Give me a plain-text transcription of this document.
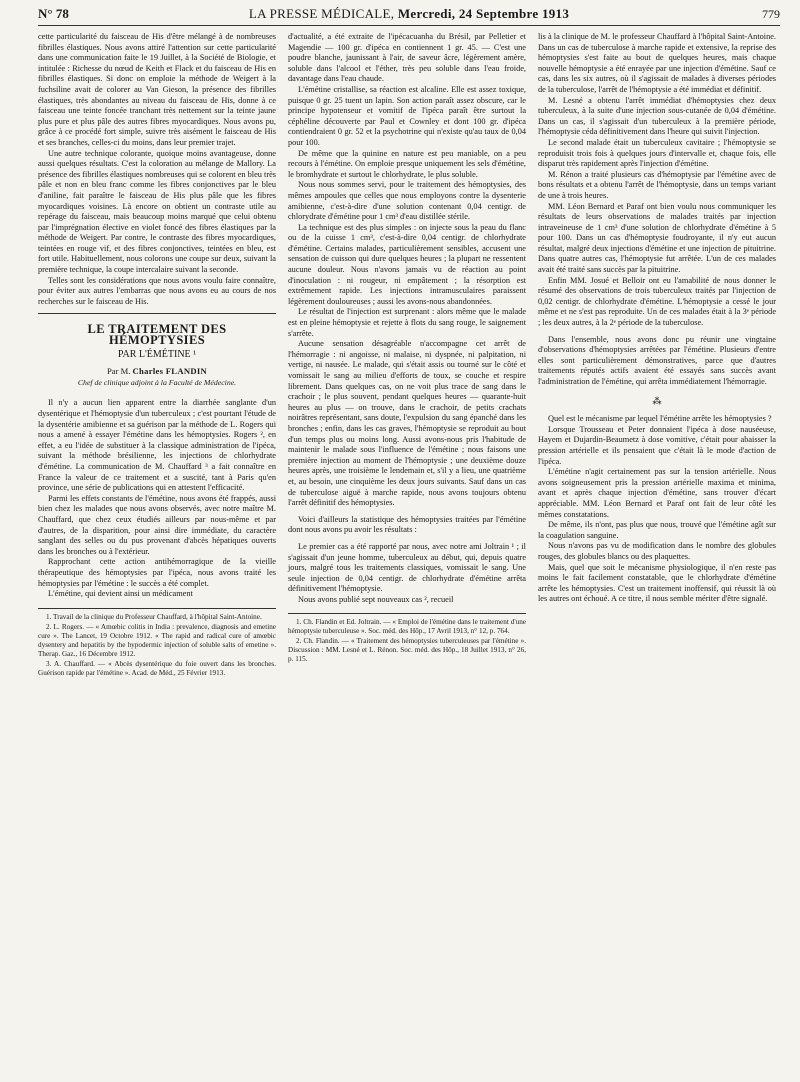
N° 78	LA PRESSE MÉDICALE, Mercredi, 24 Septembre 1913	779

cette particularité du faisceau de His d'être mélangé à de nombreuses fibrilles élastiques. Nous avons attiré l'attention sur cette particularité dans une communication faite le 19 Juillet, à la Société de Biologie, et intitulée : Richesse du nœud de Keith et Flack et du faisceau de His en fibrilles élastiques. Si donc on emploie la méthode de Weigert à la fuchsiline avait de colorer au Van Gieson, la présence des fibrilles élastiques, très abondantes au niveau du faisceau de His, donne à ce faisceau une teinte foncée tranchant très nettement sur la teinte jaune plus pure et plus pâle des autres fibres myocardiques. Nous avons pu, grâce à ce procédé fort simple, suivre très aisément le faisceau de His et ses branches, celles-ci du moins, dans leur premier trajet.

Une autre technique colorante, quoique moins avantageuse, donne aussi quelques résultats. C'est la coloration au mélange de Mallory. La présence des fibrilles élastiques nombreuses qui se colorent en bleu très pâle et non en bleu franc comme les fibres conjonctives par le bleu d'aniline, fait paraître le faisceau de His plus pâle que les fibres myocardiques voisines. Là encore on obtient un contraste utile au repérage du faisceau, mais beaucoup moins marqué que celui obtenu par l'imprégnation élective en violet foncé des fibres élastiques par la méthode de Weigert. Par contre, le contraste des fibres myocardiques, teintées en rouge vif, et des fibres conjonctives, teintées en bleu, est fort utile. Habituellement, nous colorons une coupe sur deux, suivant la première technique, la coupe intercalaire suivant la seconde.

Telles sont les considérations que nous avons voulu faire connaître, pour éviter aux autres l'embarras que nous avons eu au cours de nos recherches sur le faisceau de His.

LE TRAITEMENT DES HÉMOPTYSIES
PAR L'ÉMÉTINE ¹
Par M. Charles FLANDIN
Chef de clinique adjoint à la Faculté de Médecine.

Il n'y a aucun lien apparent entre la diarrhée sanglante d'un dysentérique et l'hémoptysie d'un tuberculeux ; c'est pourtant l'étude de la dysentérie amibienne et sa guérison par la méthode de L. Rogers qui nous a amené à essayer l'émétine dans les hémoptysies. Rogers ², en effet, a eu l'idée de substituer à la classique administration de l'ipéca, suivant la méthode brésilienne, les injections de chlorhydrate d'émétine. La communication de M. Chauffard ³ a fait connaître en France la valeur de ce traitement et a suscité, tant à Paris qu'en province, une série de publications qui en attestent l'efficacité.

Parmi les effets constants de l'émétine, nous avons été frappés, aussi bien chez les malades que nous avons observés, avec notre maître M. Chauffard, que chez ceux étudiés ailleurs par nous-même et par d'autres, de la disparition, pour ainsi dire immédiate, du caractère sanglant des selles ou du pus provenant d'abcès hépatiques ouverts dans les bronches ou à l'extérieur.

Rapprochant cette action antihémorragique de la vieille thérapeutique des hémoptysies par l'ipéca, nous avons traité les hémoptysies par l'émétine : le succès a été complet.

L'émétine, qui devient ainsi un médicament

1. Travail de la clinique du Professeur Chauffard, à l'hôpital Saint-Antoine.
2. L. Rogers. — « Amœbic colitis in India : prevalence, diagnosis and emetine cure ». The Lancet, 19 Octobre 1912. « The rapid and radical cure of amœbic dysentery and hepatitis by the hypodermic injection of soluble salts of emetine ». Therap. Gaz., 16 Décembre 1912.
3. A. Chauffard. — « Abcès dysentérique du foie ouvert dans les bronches. Guérison rapide par l'émétine ». Acad. de Méd., 25 Février 1913.

d'actualité, a été extraite de l'ipécacuanha du Brésil, par Pelletier et Magendie — 100 gr. d'ipéca en contiennent 1 gr. 45. — C'est une poudre blanche, jaunissant à l'air, de saveur âcre, légèrement amère, soluble dans l'alcool et l'éther, très peu soluble dans l'eau froide, davantage dans l'eau chaude.

L'émétine cristallise, sa réaction est alcaline. Elle est assez toxique, puisque 0 gr. 25 tuent un lapin. Son action paraît assez obscure, car le principe hypotenseur et vomitif de l'ipéca paraît être surtout la céphéline découverte par Paul et Cownley et dont 100 gr. d'ipéca contiendraient 0 gr. 52 et la psychotrine qui n'existe qu'au taux de 0,04 pour 100.

De même que la quinine en nature est peu maniable, on a peu recours à l'émétine. On emploie presque uniquement les sels d'émétine, le bromhydrate et surtout le chlorhydrate, le plus soluble.

Nous nous sommes servi, pour le traitement des hémoptysies, des mêmes ampoules que celles que nous employons contre la dysenterie amibienne, c'est-à-dire d'une solution contenant 0,04 centigr. de chlorydrate d'émétine pour 1 cm³ d'eau distillée stérile.

La technique est des plus simples : on injecte sous la peau du flanc ou de la cuisse 1 cm³, c'est-à-dire 0,04 centigr. de chlorhydrate d'émétine. Certains malades, particulièrement sensibles, accusent une sensation de cuisson qui dure quelques heures ; la plupart ne ressentent aucune douleur. Nous n'avons jamais vu de réaction au point d'inoculation : ni rougeur, ni empâtement ; la résorption est extrêmement rapide. Les injections intramusculaires paraissent légèrement douloureuses ; aussi les avons-nous abandonnées.

Le résultat de l'injection est surprenant : alors même que le malade est en pleine hémoptysie et rejette à flots du sang rouge, le saignement s'arrête.

Aucune sensation désagréable n'accompagne cet arrêt de l'hémorragie : ni angoisse, ni malaise, ni dyspnée, ni palpitation, ni vertige, ni nausée. Le malade, qui s'était assis ou tourné sur le côté et vomissait le sang au milieu d'efforts de toux, se couche et respire librement. Dans quelques cas, on ne voit plus trace de sang dans le crachoir ; le plus souvent, pendant quelques heures — quarante-huit heures au plus — on trouve, dans le crachoir, de petits crachats noirâtres représentant, sans doute, l'expulsion du sang épanché dans les bronches ; enfin, dans les cas graves, l'hémoptysie se reproduit au bout d'un temps plus ou moins long. Aussi avons-nous pris l'habitude de maintenir le malade sous l'influence de l'émétine ; nous faisons une première injection au moment de l'hémoptysie ; une deuxième douze heures après, une troisième le lendemain et, s'il y a lieu, une quatrième et, au besoin, une cinquième les deux jours suivants. Sauf dans un cas de tuberculose aiguë à marche rapide, nous avons toujours obtenu l'arrêt définitif des hémoptysies.

Voici d'ailleurs la statistique des hémoptysies traitées par l'émétine dont nous avons pu avoir les résultats :

Le premier cas a été rapporté par nous, avec notre ami Joltrain ¹ ; il s'agissait d'un jeune homme, tuberculeux au début, qui, depuis quatre jours, malgré tous les traitements classiques, vomissait le sang. Une seule injection de 0,04 centigr. de chlorhydrate d'émétine arrêta définitivement l'hémoptysie.

Nous avons publié sept nouveaux cas ², recueil

1. Ch. Flandin et Ed. Joltrain. — « Emploi de l'émétine dans le traitement d'une hémoptysie tuberculeuse ». Soc. méd. des Hôp., 17 Avril 1913, n° 12, p. 764.
2. Ch. Flandin. — « Traitement des hémoptysies tuberculeuses par l'émétine ». Discussion : MM. Lesné et L. Rénon. Soc. méd. des Hôp., 18 Juillet 1913, n° 26, p. 115.

lis à la clinique de M. le professeur Chauffard à l'hôpital Saint-Antoine. Dans un cas de tuberculose à marche rapide et extensive, la reprise des hémoptysies s'est faite au bout de quelques heures, mais chaque nouvelle hémoptysie a été enrayée par une injection d'émétine. Sauf ce cas, dans les six autres, où il s'agissait de malades à diverses périodes de la tuberculose, l'arrêt de l'hémoptysie a été immédiat et définitif.

M. Lesné a obtenu l'arrêt immédiat d'hémoptysies chez deux tuberculeux, à la suite d'une injection sous-cutanée de 0,04 d'émétine. Dans un cas, il s'agissait d'un tuberculeux à la première période, l'hémoptysie céda définitivement dans l'heure qui suivit l'injection.

Le second malade était un tuberculeux cavitaire ; l'hémoptysie se reproduisit trois fois à quelques jours d'intervalle et, chaque fois, elle disparut très rapidement après l'injection d'émétine.

M. Rénon a traité plusieurs cas d'hémoptysie par l'émétine avec de bons résultats et a obtenu l'arrêt de l'hémoptysie, dans un temps variant de une à trois heures.

MM. Léon Bernard et Paraf ont bien voulu nous communiquer les résultats de leurs observations de malades traités par injection intraveineuse de 1 cm³ d'une solution de chlorhydrate d'émétine à 5 pour 100. Dans un cas d'hémoptysie foudroyante, il n'y eut aucun résultat, malgré deux injections d'émétine et une injection de pituitrine. Dans quatre autres cas, l'hémoptysie fut arrêtée. L'un de ces malades avait été traité sans succès par la pituitrine.

Enfin MM. Josué et Belloir ont eu l'amabilité de nous donner le résumé des observations de trois tuberculeux traités par l'injection de 0,02 centigr. de chlorhydrate d'émétine. L'hémoptysie a cessé le jour même et ne s'est pas reproduite. Un de ces malades était à la 3ᵉ période ; les deux autres, à la 2ᵉ période de la tuberculose.

Dans l'ensemble, nous avons donc pu réunir une vingtaine d'observations d'hémoptysies arrêtées par l'émétine. Plusieurs d'entre elles sont particulièrement démonstratives, parce que d'autres traitements réputés actifs avaient été essayés sans succès avant l'administration de l'émétine, qui arrêta immédiatement l'hémorragie.

⁂

Quel est le mécanisme par lequel l'émétine arrête les hémoptysies ?

Lorsque Trousseau et Peter donnaient l'ipéca à dose nauséeuse, Hayem et Dujardin-Beaumetz à dose vomitive, c'était pour abaisser la pression artérielle et ils pensaient que c'était là le mode d'action de l'ipéca.

L'émétine n'agit certainement pas sur la tension artérielle. Nous avons soigneusement pris la pression artérielle maxima et minima, avant et après chaque injection d'émétine, sans trouver d'écart appréciable. MM. Léon Bernard et Paraf ont fait de leur côté les mêmes constatations.

De même, ils n'ont, pas plus que nous, trouvé que l'émétine agît sur la coagulation sanguine.

Nous n'avons pas vu de modification dans le nombre des globules rouges, des globules blancs ou des plaquettes.

Mais, quel que soit le mécanisme physiologique, il n'en reste pas moins le fait facilement constatable, que le chlorhydrate d'émétine arrête les hémoptysies. C'est un traitement inoffensif, qui réussit là où les autres ont échoué. A ce titre, il nous semble mériter d'être signalé.
